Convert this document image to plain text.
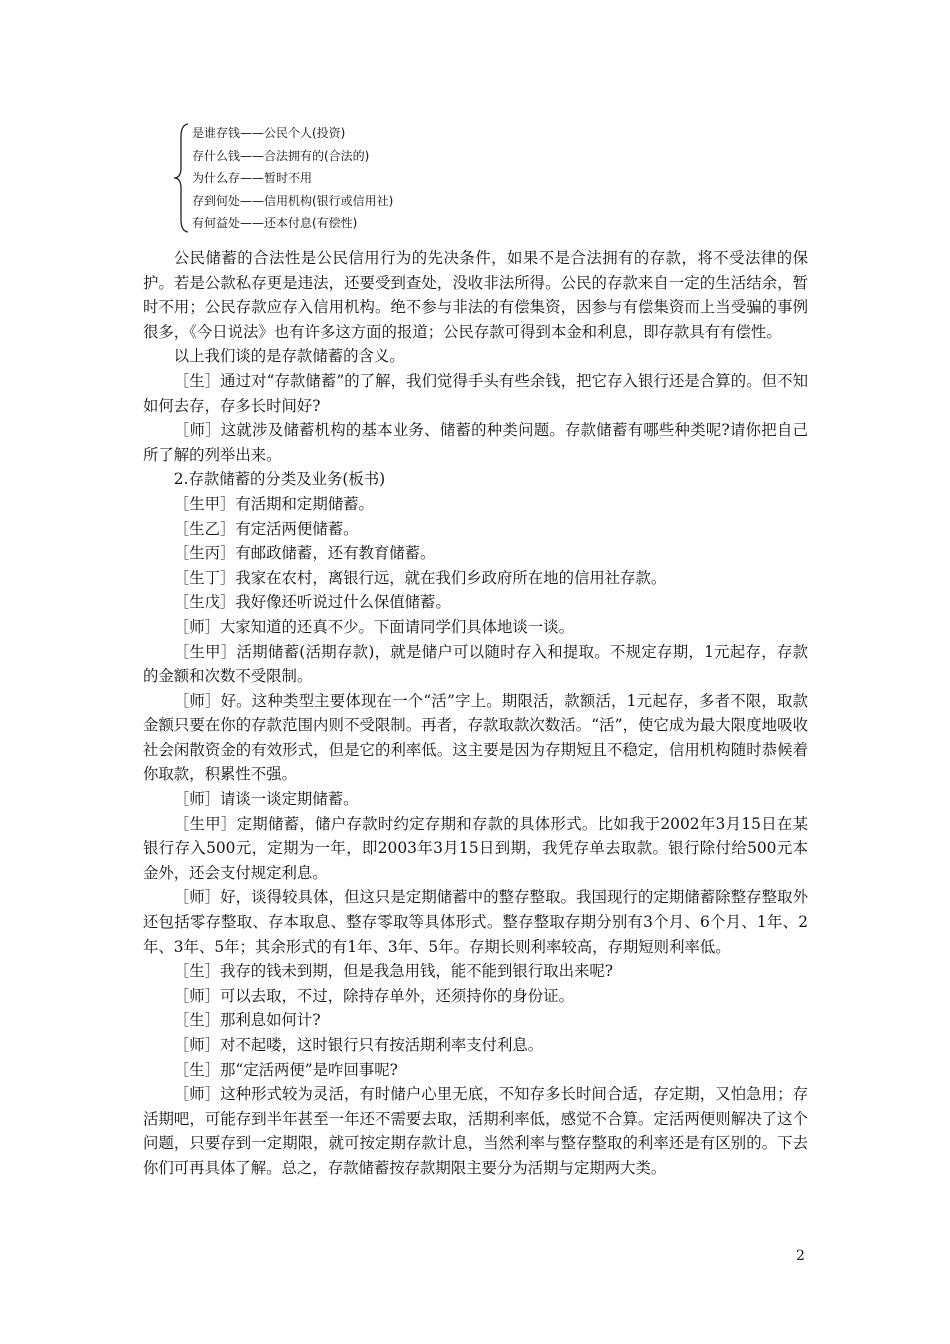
是谁存钱——公民个人(投资)
存什么钱——合法拥有的(合法的)
为什么存——暂时不用
存到何处——信用机构(银行或信用社)
有何益处——还本付息(有偿性)

公民储蓄的合法性是公民信用行为的先决条件，如果不是合法拥有的存款，将不受法律的保护。若是公款私存更是违法，还要受到查处，没收非法所得。公民的存款来自一定的生活结余，暂时不用；公民存款应存入信用机构。绝不参与非法的有偿集资，因参与有偿集资而上当受骗的事例很多，《今日说法》也有许多这方面的报道；公民存款可得到本金和利息，即存款具有有偿性。

以上我们谈的是存款储蓄的含义。

［生］通过对“存款储蓄”的了解，我们觉得手头有些余钱，把它存入银行还是合算的。但不知如何去存，存多长时间好?

［师］这就涉及储蓄机构的基本业务、储蓄的种类问题。存款储蓄有哪些种类呢?请你把自己所了解的列举出来。

2.存款储蓄的分类及业务(板书)

［生甲］有活期和定期储蓄。

［生乙］有定活两便储蓄。

［生丙］有邮政储蓄，还有教育储蓄。

［生丁］我家在农村，离银行远，就在我们乡政府所在地的信用社存款。

［生戊］我好像还听说过什么保值储蓄。

［师］大家知道的还真不少。下面请同学们具体地谈一谈。

［生甲］活期储蓄(活期存款)，就是储户可以随时存入和提取。不规定存期，1元起存，存款的金额和次数不受限制。

［师］好。这种类型主要体现在一个“活”字上。期限活，款额活，1元起存，多者不限，取款金额只要在你的存款范围内则不受限制。再者，存款取款次数活。“活”，使它成为最大限度地吸收社会闲散资金的有效形式，但是它的利率低。这主要是因为存期短且不稳定，信用机构随时恭候着你取款，积累性不强。

［师］请谈一谈定期储蓄。

［生甲］定期储蓄，储户存款时约定存期和存款的具体形式。比如我于2002年3月15日在某银行存入500元，定期为一年，即2003年3月15日到期，我凭存单去取款。银行除付给500元本金外，还会支付规定利息。

［师］好，谈得较具体，但这只是定期储蓄中的整存整取。我国现行的定期储蓄除整存整取外还包括零存整取、存本取息、整存零取等具体形式。整存整取存期分别有3个月、6个月、1年、2年、3年、5年；其余形式的有1年、3年、5年。存期长则利率较高，存期短则利率低。

［生］我存的钱未到期，但是我急用钱，能不能到银行取出来呢?

［师］可以去取，不过，除持存单外，还须持你的身份证。

［生］那利息如何计?

［师］对不起喽，这时银行只有按活期利率支付利息。

［生］那“定活两便”是咋回事呢?

［师］这种形式较为灵活，有时储户心里无底，不知存多长时间合适，存定期，又怕急用；存活期吧，可能存到半年甚至一年还不需要去取，活期利率低，感觉不合算。定活两便则解决了这个问题，只要存到一定期限，就可按定期存款计息，当然利率与整存整取的利率还是有区别的。下去你们可再具体了解。总之，存款储蓄按存款期限主要分为活期与定期两大类。

2
